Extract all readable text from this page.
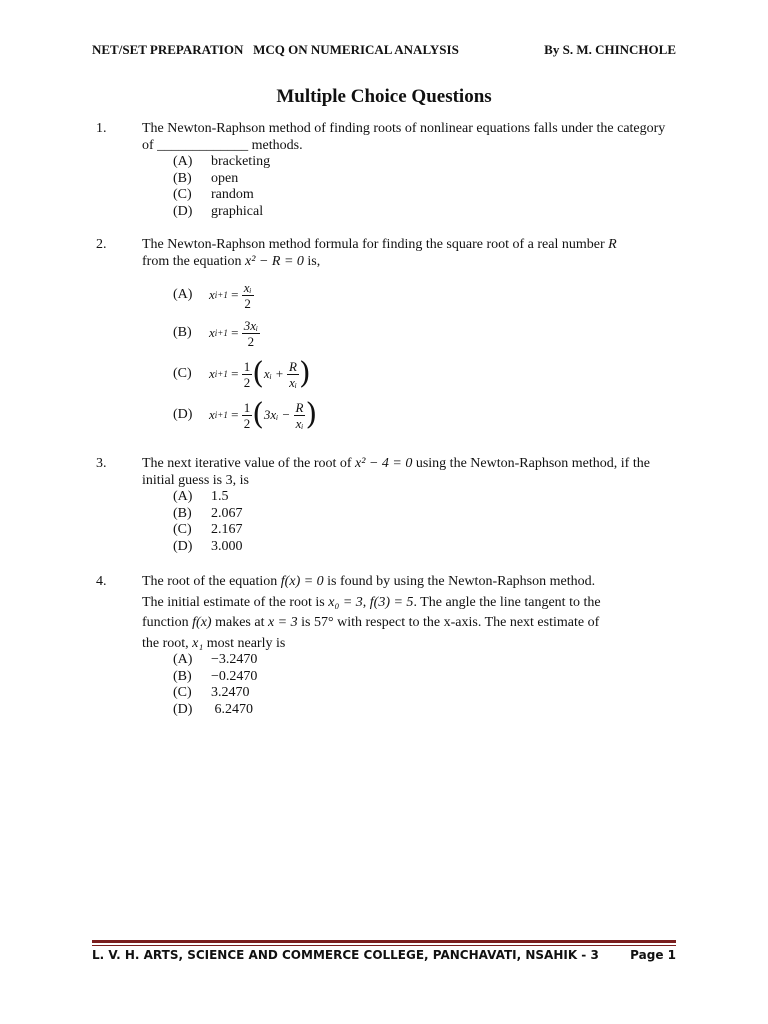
NET/SET PREPARATION   MCQ ON NUMERICAL ANALYSIS	By S. M. CHINCHOLE
Multiple Choice Questions
1.	The Newton-Raphson method of finding roots of nonlinear equations falls under the category of _____________ methods.
(A) bracketing
(B) open
(C) random
(D) graphical
2.	The Newton-Raphson method formula for finding the square root of a real number R
from the equation x² − R = 0 is,
(A) x $i+1 = \frac{\text{xᵢ}}{2}$
(B) x $i+1 = \frac{\text{3xᵢ}}{2}$
(C) x $i+1 = \frac{1}{2}$ ( xᵢ +
$\frac{R}{\text{xᵢ}}$ )
(D) x $i+1 = \frac{1}{2}$ ( 3xᵢ −
$\frac{R}{\text{xᵢ}}$ )
3.	The next iterative value of the root of x² − 4 = 0 using the Newton-Raphson method, if the initial guess is 3, is
(A) 1.5
(B) 2.067
(C) 2.167
(D) 3.000
4.	The root of the equation f(x) = 0 is found by using the Newton-Raphson method.
The initial estimate of the root is x₀ = 3, f(3) = 5. The angle the line tangent to the
function f(x) makes at x = 3 is 57° with respect to the x-axis. The next estimate of
the root, x₁ most nearly is
(A) −3.2470
(B) −0.2470
(C) 3.2470
(D) 6.2470
L. V. H. ARTS, SCIENCE AND COMMERCE COLLEGE, PANCHAVATI, NSAHIK - 3	Page 1
